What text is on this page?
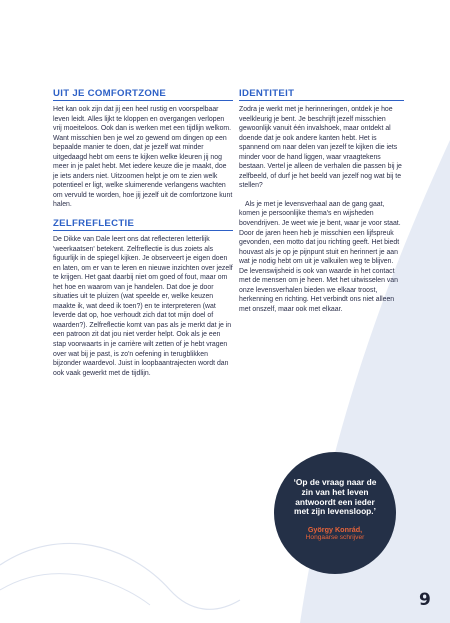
UIT JE COMFORTZONE

Het kan ook zijn dat jij een heel rustig en voorspelbaar leven leidt. Alles lijkt te kloppen en overgangen verlopen vrij moeiteloos. Ook dan is werken met een tijdlijn welkom. Want misschien ben je wel zo gewend om dingen op een bepaalde manier te doen, dat je jezelf wat minder uitgedaagd hebt om eens te kijken welke kleuren jij nog meer in je palet hebt. Met iedere keuze die je maakt, doe je iets anders niet. Uitzoomen helpt je om te zien welk potentieel er ligt, welke sluimerende verlangens wachten om vervuld te worden, hoe jij jezelf uit de comfortzone kunt halen.

ZELFREFLECTIE

De Dikke van Dale leert ons dat reflecteren letterlijk 'weerkaatsen' betekent. Zelfreflectie is dus zoiets als figuurlijk in de spiegel kijken. Je observeert je eigen doen en laten, om er van te leren en nieuwe inzichten over jezelf te krijgen. Het gaat daarbij niet om goed of fout, maar om het hoe en waarom van je handelen. Dat doe je door situaties uit te pluizen (wat speelde er, welke keuzen maakte ik, wat deed ik toen?) en te interpreteren (wat leverde dat op, hoe verhoudt zich dat tot mijn doel of waarden?). Zelfreflectie komt van pas als je merkt dat je in een patroon zit dat jou niet verder helpt. Ook als je een stap voorwaarts in je carrière wilt zetten of je hebt vragen over wat bij je past, is zo'n oefening in terugblikken bijzonder waardevol. Juist in loopbaantrajecten wordt dan ook vaak gewerkt met de tijdlijn.

IDENTITEIT

Zodra je werkt met je herinneringen, ontdek je hoe veelkleurig je bent. Je beschrijft jezelf misschien gewoonlijk vanuit één invalshoek, maar ontdekt al doende dat je ook andere kanten hebt. Het is spannend om naar delen van jezelf te kijken die iets minder voor de hand liggen, waar vraagtekens bestaan. Vertel je alleen de verhalen die passen bij je zelfbeeld, of durf je het beeld van jezelf nog wat bij te stellen?

Als je met je levensverhaal aan de gang gaat, komen je persoonlijke thema's en wijsheden bovendrijven. Je weet wie je bent, waar je voor staat. Door de jaren heen heb je misschien een lijfspreuk gevonden, een motto dat jou richting geeft. Het biedt houvast als je op je pijnpunt stuit en herinnert je aan wat je nodig hebt om uit je valkuilen weg te blijven. De levenswijsheid is ook van waarde in het contact met de mensen om je heen. Met het uitwisselen van onze levensverhalen bieden we elkaar troost, herkenning en richting. Het verbindt ons niet alleen met onszelf, maar ook met elkaar.

‘Op de vraag naar de zin van het leven antwoordt een ieder met zijn levensloop.’
György Konrád,
Hongaarse schrijver
9
